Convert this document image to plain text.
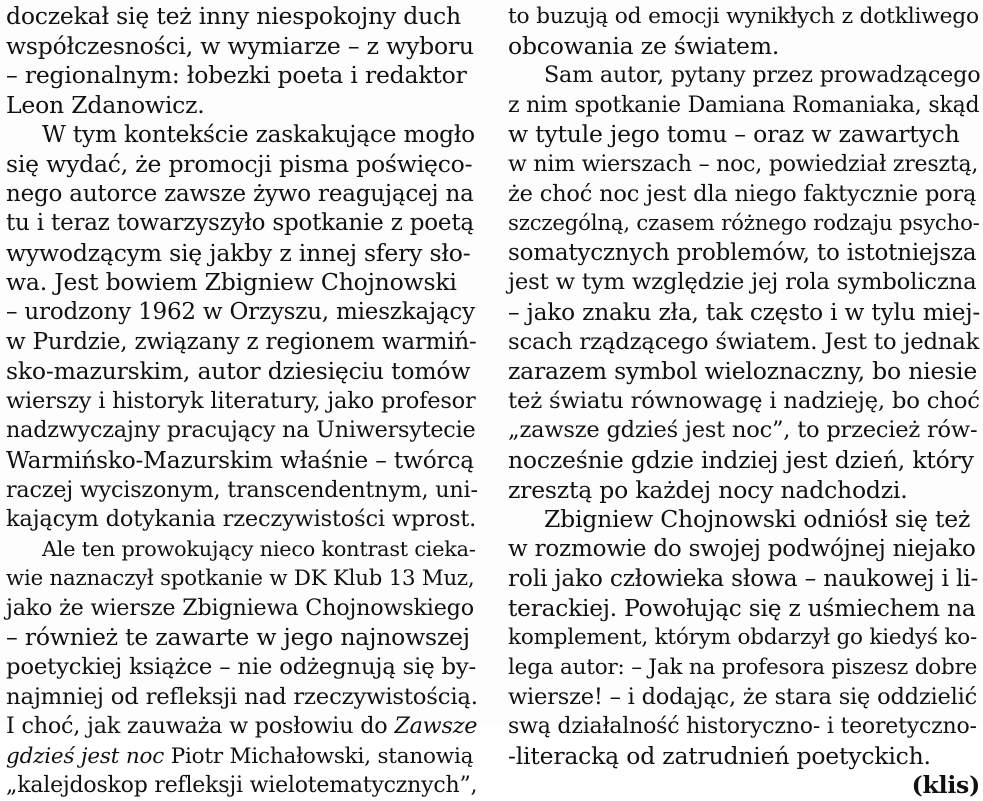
doczekał się też inny niespokojny duch
współczesności, w wymiarze – z wyboru
– regionalnym: łobezki poeta i redaktor
Leon Zdanowicz.
W tym kontekście zaskakujące mogło
się wydać, że promocji pisma poświęco-
nego autorce zawsze żywo reagującej na
tu i teraz towarzyszyło spotkanie z poetą
wywodzącym się jakby z innej sfery sło-
wa. Jest bowiem Zbigniew Chojnowski
– urodzony 1962 w Orzyszu, mieszkający
w Purdzie, związany z regionem warmiń-
sko-mazurskim, autor dziesięciu tomów
wierszy i historyk literatury, jako profesor
nadzwyczajny pracujący na Uniwersytecie
Warmińsko-Mazurskim właśnie – twórcą
raczej wyciszonym, transcendentnym, uni-
kającym dotykania rzeczywistości wprost.
Ale ten prowokujący nieco kontrast cieka-
wie naznaczył spotkanie w DK Klub 13 Muz,
jako że wiersze Zbigniewa Chojnowskiego
– również te zawarte w jego najnowszej
poetyckiej książce – nie odżegnują się by-
najmniej od refleksji nad rzeczywistością.
I choć, jak zauważa w posłowiu do Zawsze
gdzieś jest noc Piotr Michałowski, stanowią
„kalejdoskop refleksji wielotematycznych”,
to buzują od emocji wynikłych z dotkliwego
obcowania ze światem.
Sam autor, pytany przez prowadzącego
z nim spotkanie Damiana Romaniaka, skąd
w tytule jego tomu – oraz w zawartych
w nim wierszach – noc, powiedział zresztą,
że choć noc jest dla niego faktycznie porą
szczególną, czasem różnego rodzaju psycho-
somatycznych problemów, to istotniejsza
jest w tym względzie jej rola symboliczna
– jako znaku zła, tak często i w tylu miej-
scach rządzącego światem. Jest to jednak
zarazem symbol wieloznaczny, bo niesie
też światu równowagę i nadzieję, bo choć
„zawsze gdzieś jest noc”, to przecież rów-
nocześnie gdzie indziej jest dzień, który
zresztą po każdej nocy nadchodzi.
Zbigniew Chojnowski odniósł się też
w rozmowie do swojej podwójnej niejako
roli jako człowieka słowa – naukowej i li-
terackiej. Powołując się z uśmiechem na
komplement, którym obdarzył go kiedyś ko-
lega autor: – Jak na profesora piszesz dobre
wiersze! – i dodając, że stara się oddzielić
swą działalność historyczno- i teoretyczno-
-literacką od zatrudnień poetyckich.
(klis)
